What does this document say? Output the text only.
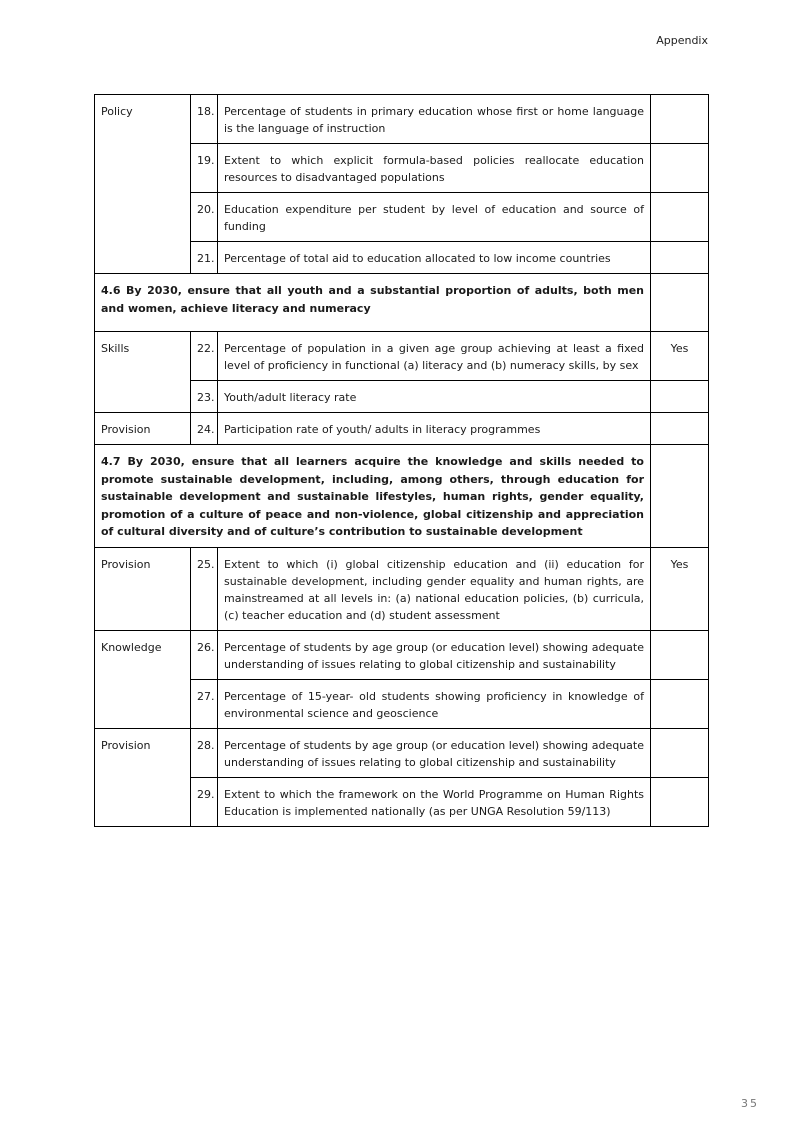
Appendix
Policy	18.	Percentage of students in primary education whose first or home language is the language of instruction	
	19.	Extent to which explicit formula-based policies reallocate education resources to disadvantaged populations	
	20.	Education expenditure per student by level of education and source of funding	
	21.	Percentage of total aid to education allocated to low income countries	
4.6 By 2030, ensure that all youth and a substantial proportion of adults, both men and women, achieve literacy and numeracy			
Skills	22.	Percentage of population in a given age group achieving at least a fixed level of proficiency in functional (a) literacy and (b) numeracy skills, by sex	Yes
	23.	Youth/adult literacy rate	
Provision	24.	Participation rate of youth/ adults in literacy programmes	
4.7 By 2030, ensure that all learners acquire the knowledge and skills needed to promote sustainable development, including, among others, through education for sustainable development and sustainable lifestyles, human rights, gender equality, promotion of a culture of peace and non-violence, global citizenship and appreciation of cultural diversity and of culture’s contribution to sustainable development			
Provision	25.	Extent to which (i) global citizenship education and (ii) education for sustainable development, including gender equality and human rights, are mainstreamed at all levels in: (a) national education policies, (b) curricula, (c) teacher education and (d) student assessment	Yes
Knowledge	26.	Percentage of students by age group (or education level) showing adequate understanding of issues relating to global citizenship and sustainability	
	27.	Percentage of 15-year- old students showing proficiency in knowledge of environmental science and geoscience	
Provision	28.	Percentage of students by age group (or education level) showing adequate understanding of issues relating to global citizenship and sustainability	
	29.	Extent to which the framework on the World Programme on Human Rights Education is implemented nationally (as per UNGA Resolution 59/113)	
35
